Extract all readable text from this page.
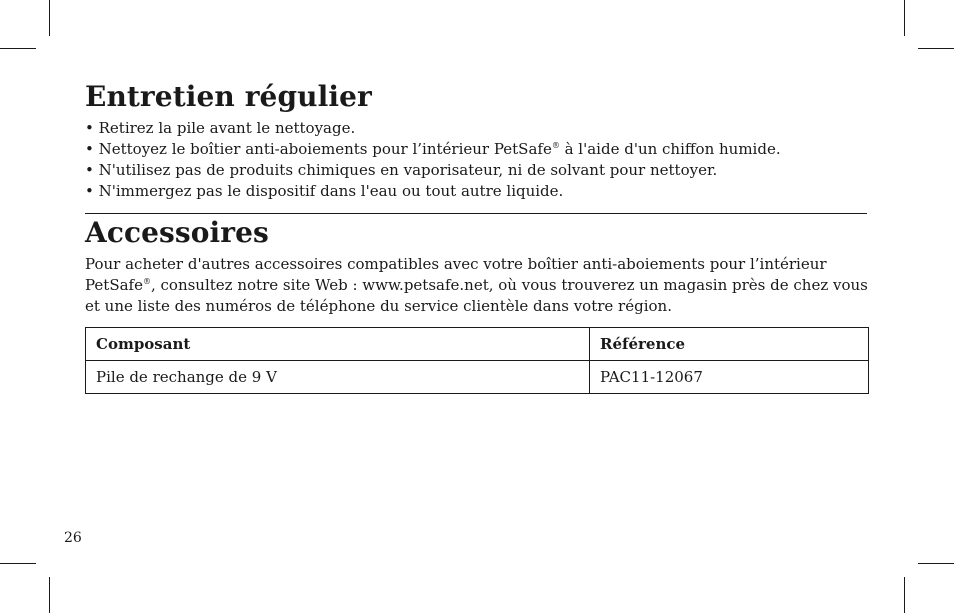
Entretien régulier
• Retirez la pile avant le nettoyage.
• Nettoyez le boîtier anti-aboiements pour l’intérieur PetSafe® à l'aide d'un chiffon humide.
• N'utilisez pas de produits chimiques en vaporisateur, ni de solvant pour nettoyer.
• N'immergez pas le dispositif dans l'eau ou tout autre liquide.
Accessoires

Pour acheter d'autres accessoires compatibles avec votre boîtier anti-aboiements pour l’intérieur PetSafe®, consultez notre site Web : www.petsafe.net, où vous trouverez un magasin près de chez vous et une liste des numéros de téléphone du service clientèle dans votre région.

Composant	Référence
Pile de rechange de 9 V	PAC11-12067
26
